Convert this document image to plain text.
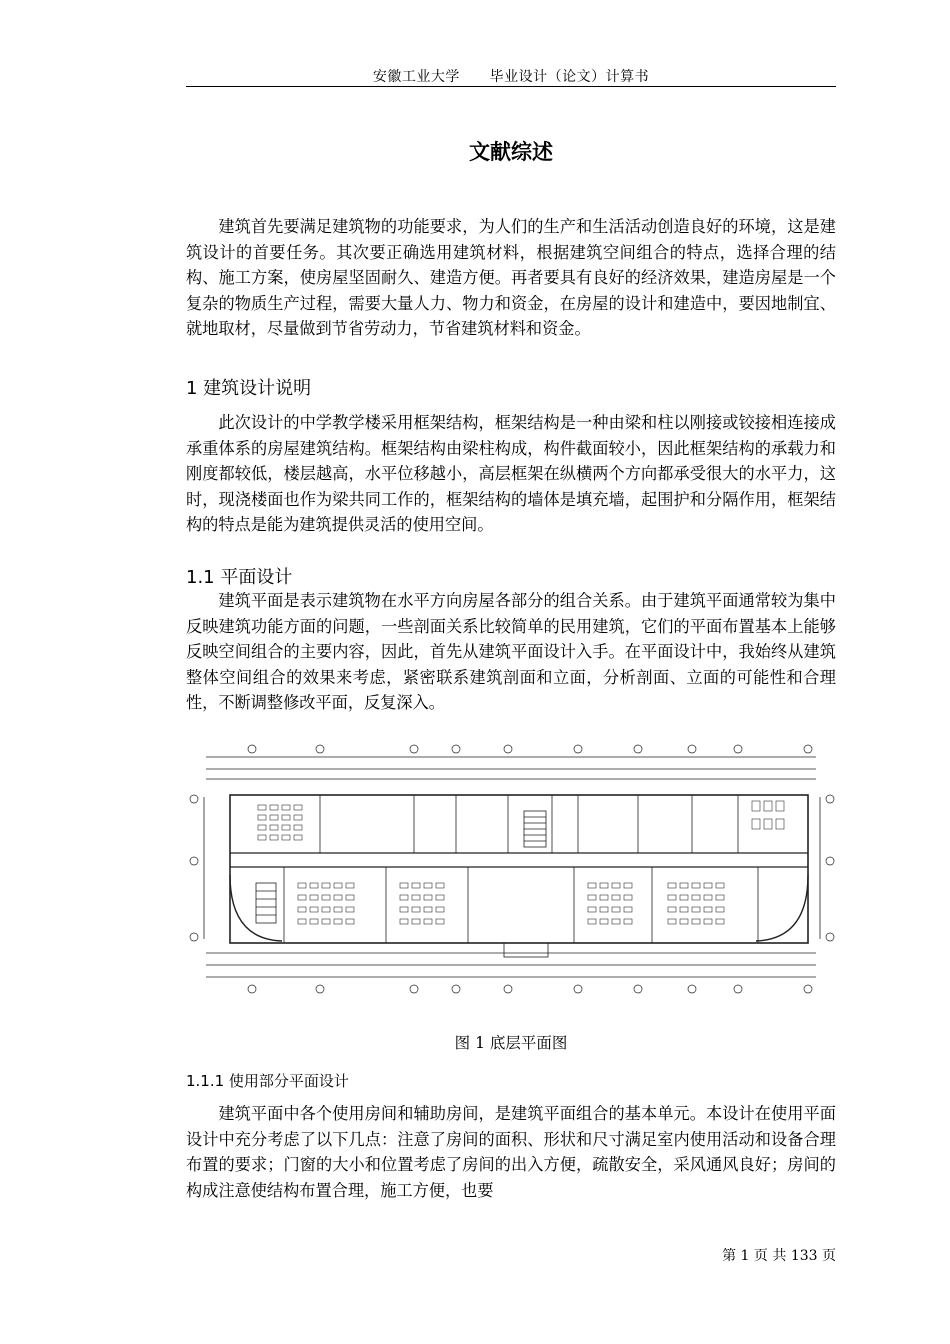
安徽工业大学 毕业设计（论文）计算书
文献综述

建筑首先要满足建筑物的功能要求，为人们的生产和生活活动创造良好的环境，这是建筑设计的首要任务。其次要正确选用建筑材料，根据建筑空间组合的特点，选择合理的结构、施工方案，使房屋坚固耐久、建造方便。再者要具有良好的经济效果，建造房屋是一个复杂的物质生产过程，需要大量人力、物力和资金，在房屋的设计和建造中，要因地制宜、就地取材，尽量做到节省劳动力，节省建筑材料和资金。

1 建筑设计说明

此次设计的中学教学楼采用框架结构，框架结构是一种由梁和柱以刚接或铰接相连接成承重体系的房屋建筑结构。框架结构由梁柱构成，构件截面较小，因此框架结构的承载力和刚度都较低，楼层越高，水平位移越小，高层框架在纵横两个方向都承受很大的水平力，这时，现浇楼面也作为梁共同工作的，框架结构的墙体是填充墙，起围护和分隔作用，框架结构的特点是能为建筑提供灵活的使用空间。

1.1 平面设计

建筑平面是表示建筑物在水平方向房屋各部分的组合关系。由于建筑平面通常较为集中反映建筑功能方面的问题，一些剖面关系比较简单的民用建筑，它们的平面布置基本上能够反映空间组合的主要内容，因此，首先从建筑平面设计入手。在平面设计中，我始终从建筑整体空间组合的效果来考虑，紧密联系建筑剖面和立面，分析剖面、立面的可能性和合理性，不断调整修改平面，反复深入。

图 1 底层平面图
1.1.1 使用部分平面设计

建筑平面中各个使用房间和辅助房间，是建筑平面组合的基本单元。本设计在使用平面设计中充分考虑了以下几点：注意了房间的面积、形状和尺寸满足室内使用活动和设备合理布置的要求；门窗的大小和位置考虑了房间的出入方便，疏散安全，采风通风良好；房间的构成注意使结构布置合理，施工方便，也要

第 1 页 共 133 页
